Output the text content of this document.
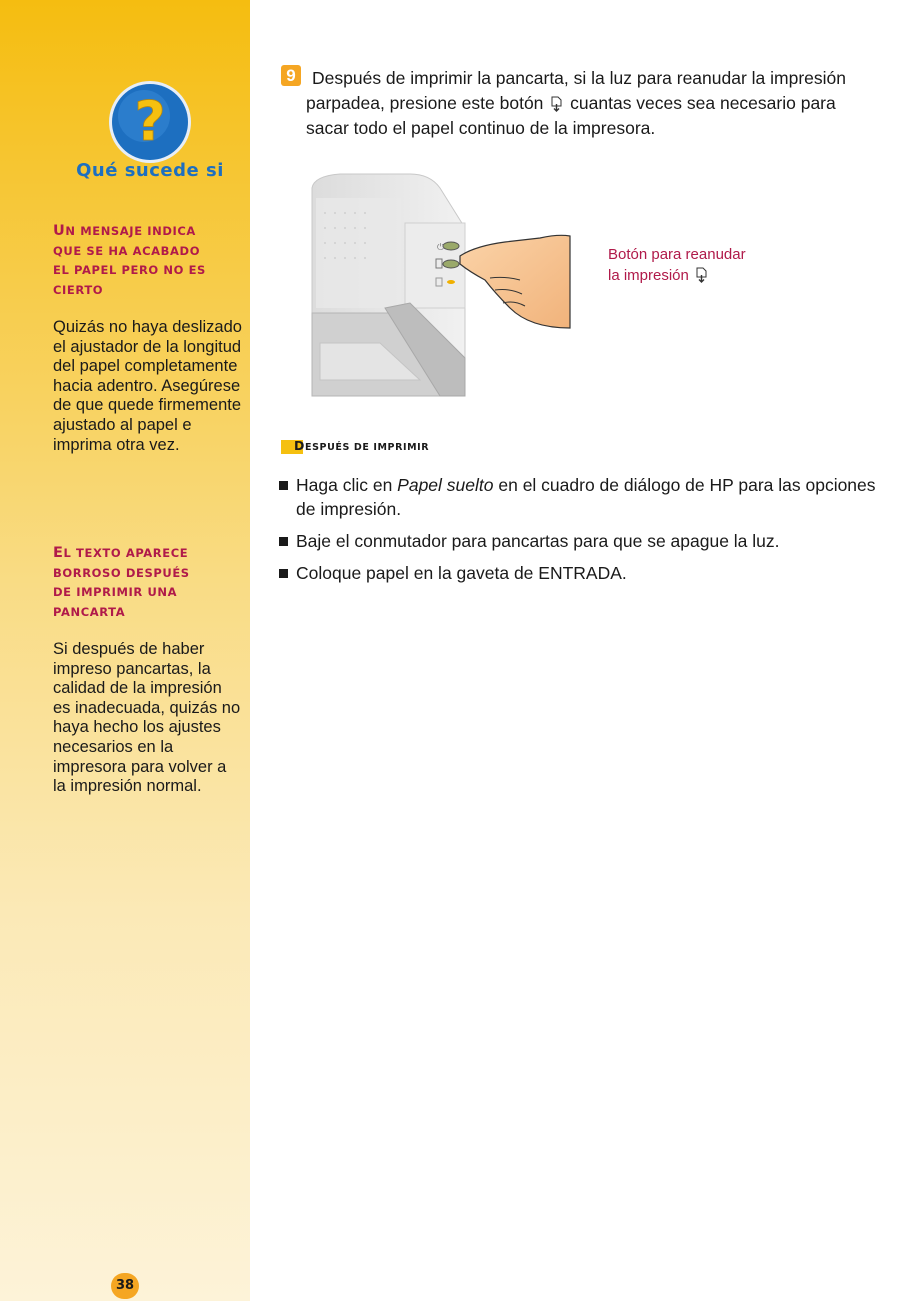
?
Qué sucede si
UN MENSAJE INDICA
QUE SE HA ACABADO
EL PAPEL PERO NO ES
CIERTO
Quizás no haya deslizado el ajustador de la longitud del papel completamente hacia adentro. Asegúrese de que quede firmemente ajustado al papel e imprima otra vez.
EL TEXTO APARECE
BORROSO DESPUÉS
DE IMPRIMIR UNA
PANCARTA
Si después de haber impreso pancartas, la calidad de la impresión es inadecuada, quizás no haya hecho los ajustes necesarios en la impresora para volver a la impresión normal.
38
9 Después de imprimir la pancarta, si la luz para reanudar la impresión
parpadea, presione este botón cuantas veces sea necesario para
sacar todo el papel continuo de la impresora.
⏻	Botón para reanudar
la impresión
DESPUÉS DE IMPRIMIR
Haga clic en Papel suelto en el cuadro de diálogo de HP para las opciones de impresión.
Baje el conmutador para pancartas para que se apague la luz.
Coloque papel en la gaveta de ENTRADA.
